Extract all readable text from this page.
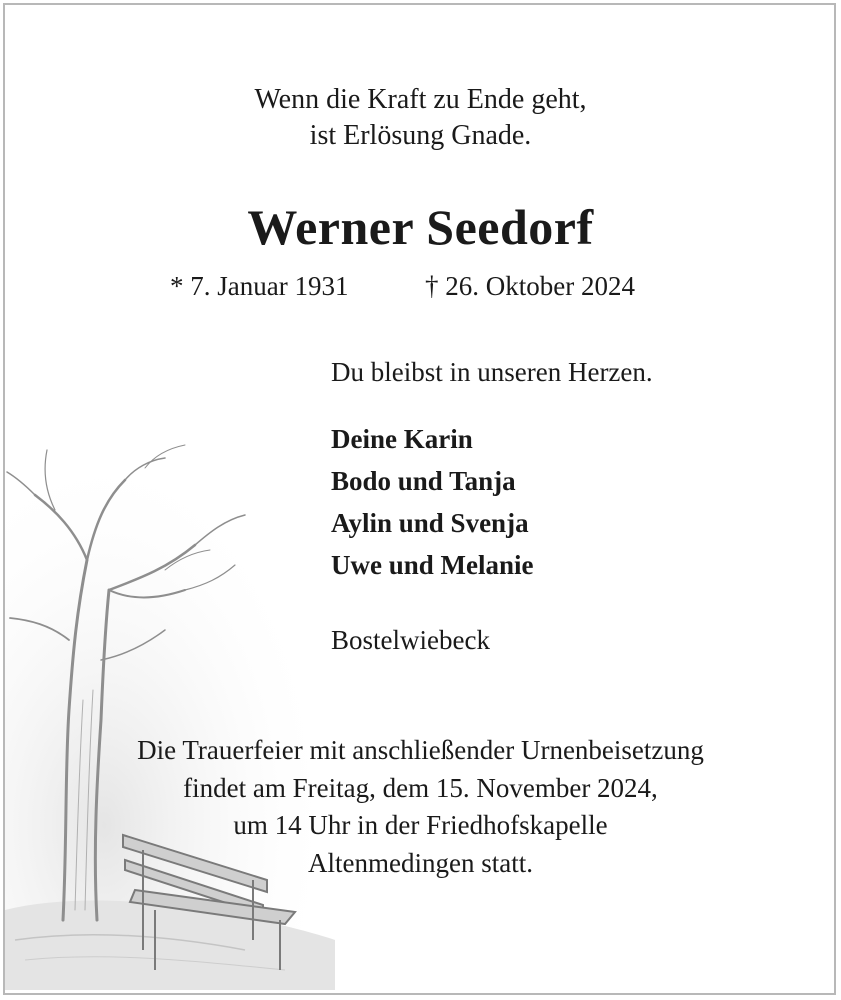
Wenn die Kraft zu Ende geht,
ist Erlösung Gnade.

Werner Seedorf

* 7. Januar 1931	† 26. Oktober 2024

Du bleibst in unseren Herzen.

Deine Karin
Bodo und Tanja
Aylin und Svenja
Uwe und Melanie

Bostelwiebeck

Die Trauerfeier mit anschließender Urnenbeisetzung
findet am Freitag, dem 15. November 2024,
um 14 Uhr in der Friedhofskapelle
Altenmedingen statt.
